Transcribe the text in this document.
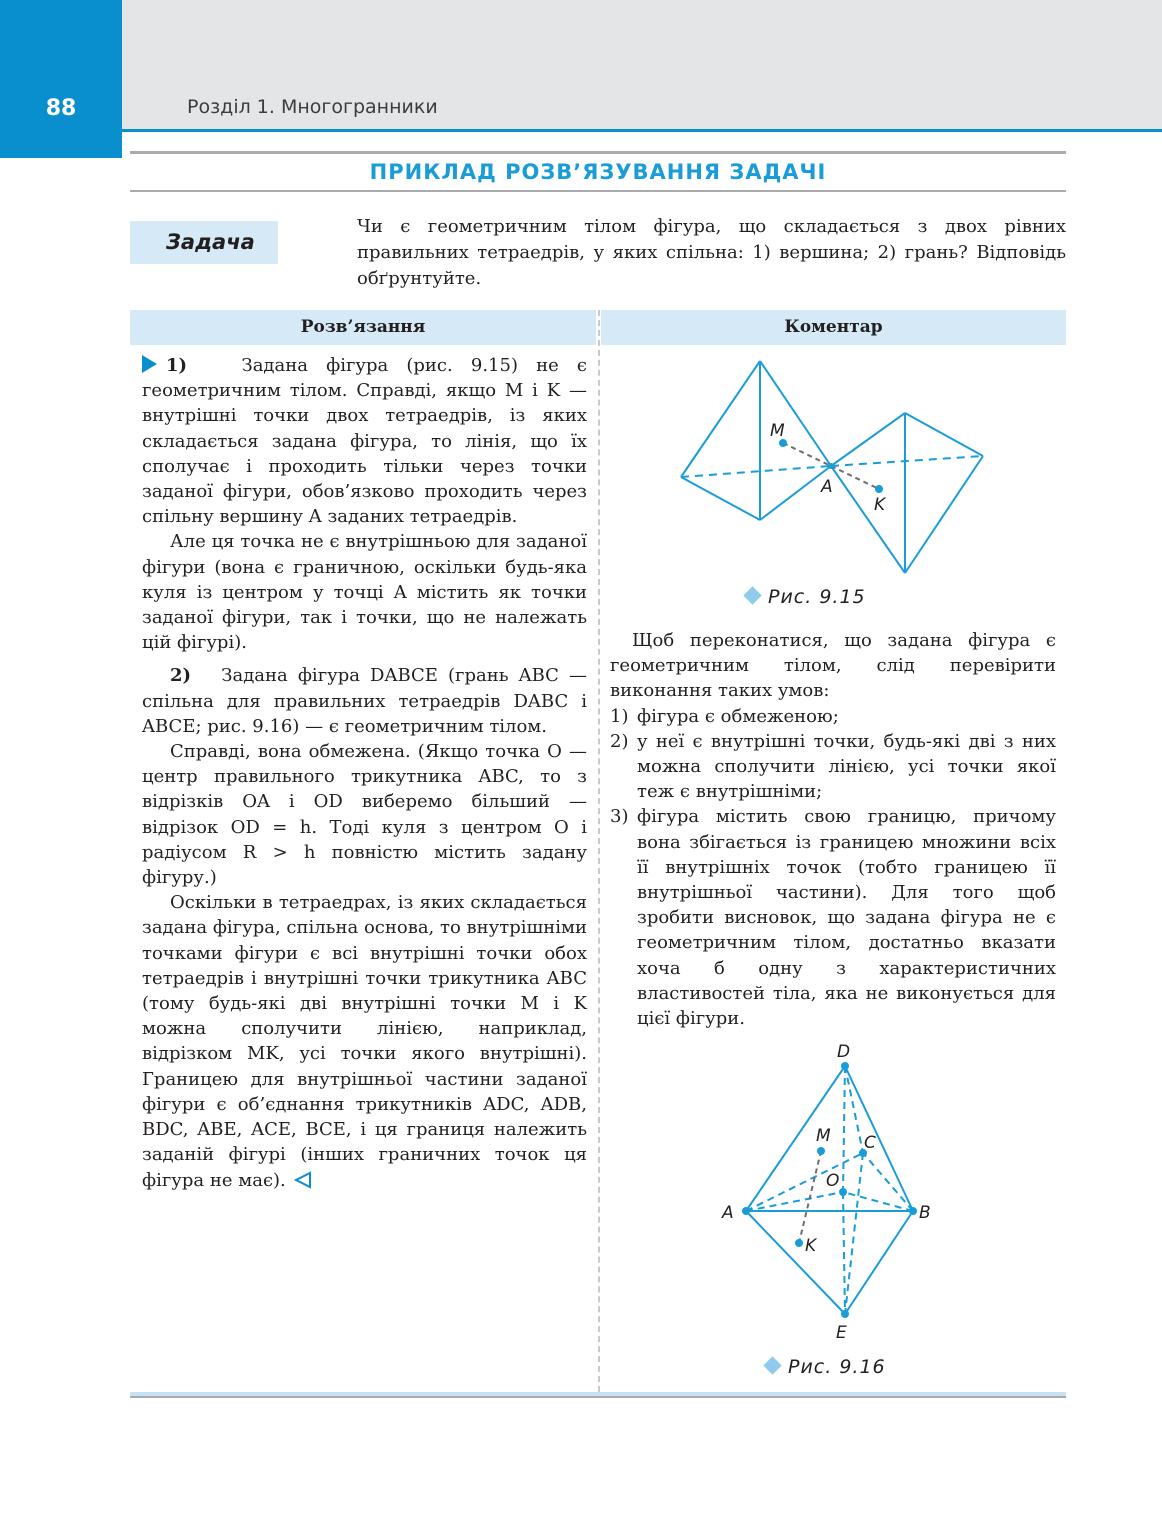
88	Розділ 1. Многогранники
ПРИКЛАД РОЗВ’ЯЗУВАННЯ ЗАДАЧІ
Задача
Чи є геометричним тілом фігура, що складається з двох рівних правильних тетраедрів, у яких спільна: 1) вершина; 2) грань? Відповідь обґрунтуйте.
Розв’язання	Коментар

1)	Задана фігура (рис. 9.15) не є геометричним тілом. Справді, якщо M і K — внутрішні точки двох тетраедрів, із яких складається задана фігура, то лінія, що їх сполучає і проходить тільки через точки заданої фігури, обов’язково проходить через спільну вершину A заданих тетраедрів.

Але ця точка не є внутрішньою для заданої фігури (вона є граничною, оскільки будь-яка куля із центром у точці A містить як точки заданої фігури, так і точки, що не належать цій фігурі).

2) Задана фігура DABCE (грань ABC — спільна для правильних тетраедрів DABC і ABCE; рис. 9.16) — є геометричним тілом.

Справді, вона обмежена. (Якщо точка O — центр правильного трикутника ABC, то з відрізків OA і OD виберемо більший — відрізок OD = h. Тоді куля з центром O і радіусом R > h повністю містить задану фігуру.)

Оскільки в тетраедрах, із яких складається задана фігура, спільна основа, то внутрішніми точками фігури є всі внутрішні точки обох тетраедрів і внутрішні точки трикутника ABC (тому будь-які дві внутрішні точки M і K можна сполучити лінією, наприклад, відрізком MK, усі точки якого внутрішні). Границею для внутрішньої частини заданої фігури є об’єднання трикутників ADC, ADB, BDC, ABE, ACE, BCE, і ця границя належить заданій фігурі (інших граничних точок ця фігура не має).

M
A
K
Рис. 9.15

Щоб переконатися, що задана фігура є геометричним тілом, слід перевірити виконання таких умов:

1) фігура є обмеженою;
2) у неї є внутрішні точки, будь-які дві з них можна сполучити лінією, усі точки якої теж є внутрішніми;
3) фігура містить свою границю, причому вона збігається із границею множини всіх її внутрішніх точок (тобто границею її внутрішньої частини). Для того щоб зробити висновок, що задана фігура не є геометричним тілом, достатньо вказати хоча б одну з характеристичних властивостей тіла, яка не виконується для цієї фігури.
D
M C
O
A	B
K
E
Рис. 9.16
